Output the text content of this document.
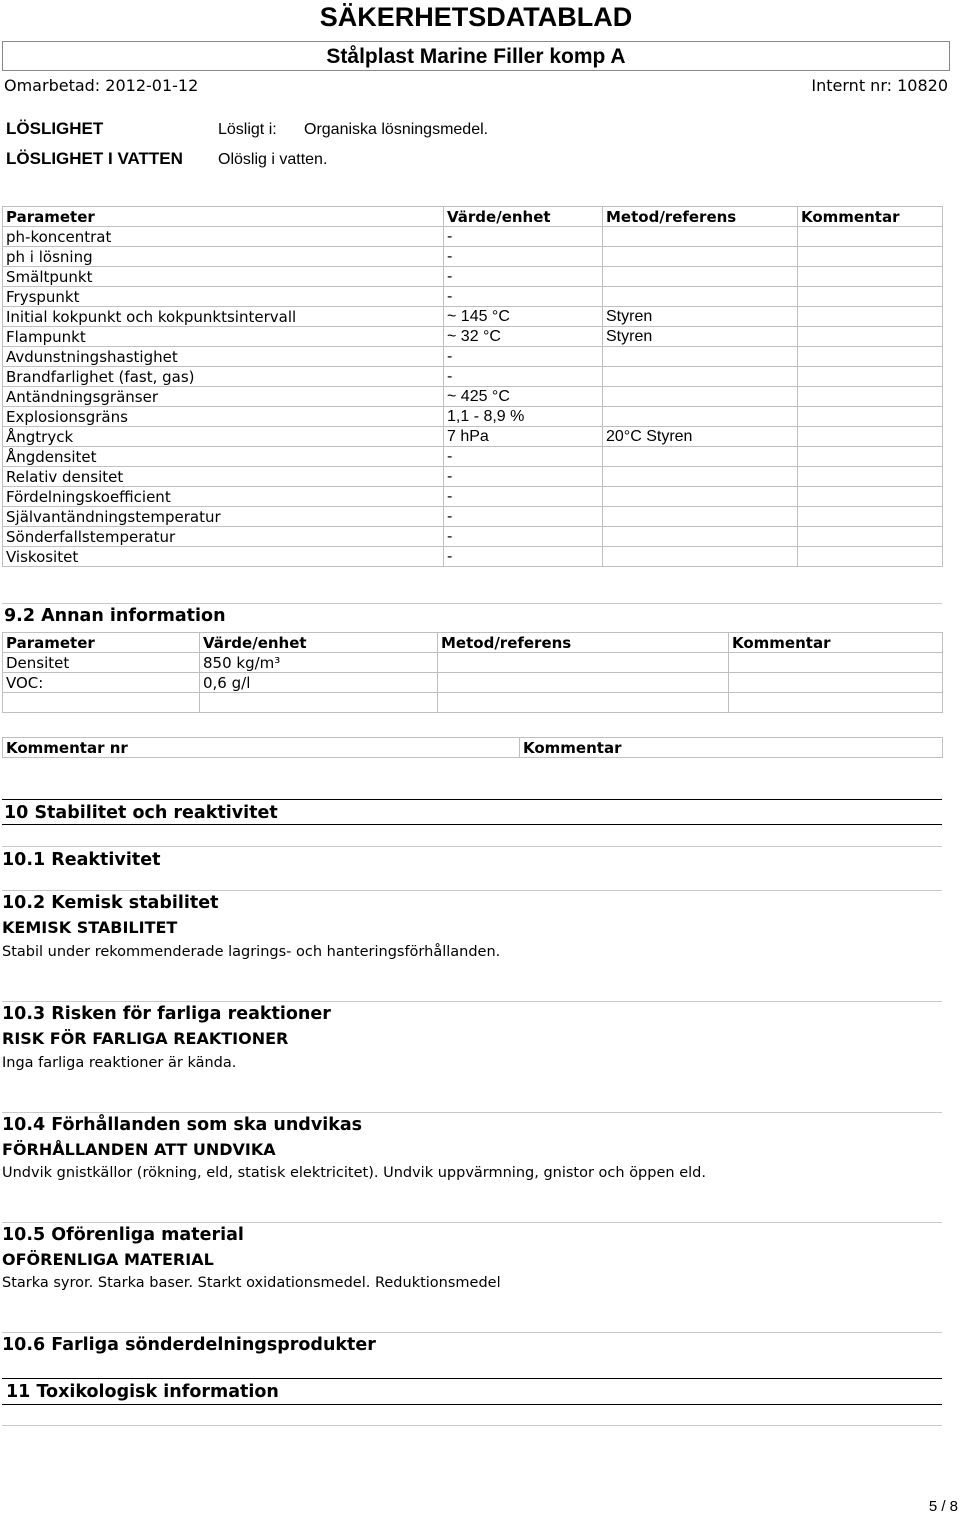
SÄKERHETSDATABLAD
Stålplast Marine Filler komp A
Omarbetad: 2012-01-12	Internt nr: 10820
LÖSLIGHET	Lösligt i: Organiska lösningsmedel.
LÖSLIGHET I VATTEN Olöslig i vatten.
Parameter	Värde/enhet	Metod/referens	Kommentar
ph-koncentrat	-		
ph i lösning	-		
Smältpunkt	-		
Fryspunkt	-		
Initial kokpunkt och kokpunktsintervall	~ 145 °C	Styren	
Flampunkt	~ 32 °C	Styren	
Avdunstningshastighet	-		
Brandfarlighet (fast, gas)	-		
Antändningsgränser	~ 425 °C		
Explosionsgräns	1,1 - 8,9 %		
Ångtryck	7 hPa	20°C Styren	
Ångdensitet	-		
Relativ densitet	-		
Fördelningskoefficient	-		
Självantändningstemperatur	-		
Sönderfallstemperatur	-		
Viskositet	-		
9.2 Annan information
Parameter	Värde/enhet	Metod/referens	Kommentar
Densitet	850 kg/m³		
VOC:	0,6 g/l		

Kommentar nr	Kommentar
10 Stabilitet och reaktivitet
10.1 Reaktivitet
10.2 Kemisk stabilitet
KEMISK STABILITET
Stabil under rekommenderade lagrings- och hanteringsförhållanden.
10.3 Risken för farliga reaktioner
RISK FÖR FARLIGA REAKTIONER
Inga farliga reaktioner är kända.
10.4 Förhållanden som ska undvikas
FÖRHÅLLANDEN ATT UNDVIKA
Undvik gnistkällor (rökning, eld, statisk elektricitet). Undvik uppvärmning, gnistor och öppen eld.
10.5 Oförenliga material
OFÖRENLIGA MATERIAL
Starka syror. Starka baser. Starkt oxidationsmedel. Reduktionsmedel
10.6 Farliga sönderdelningsprodukter
11 Toxikologisk information
5 / 8
